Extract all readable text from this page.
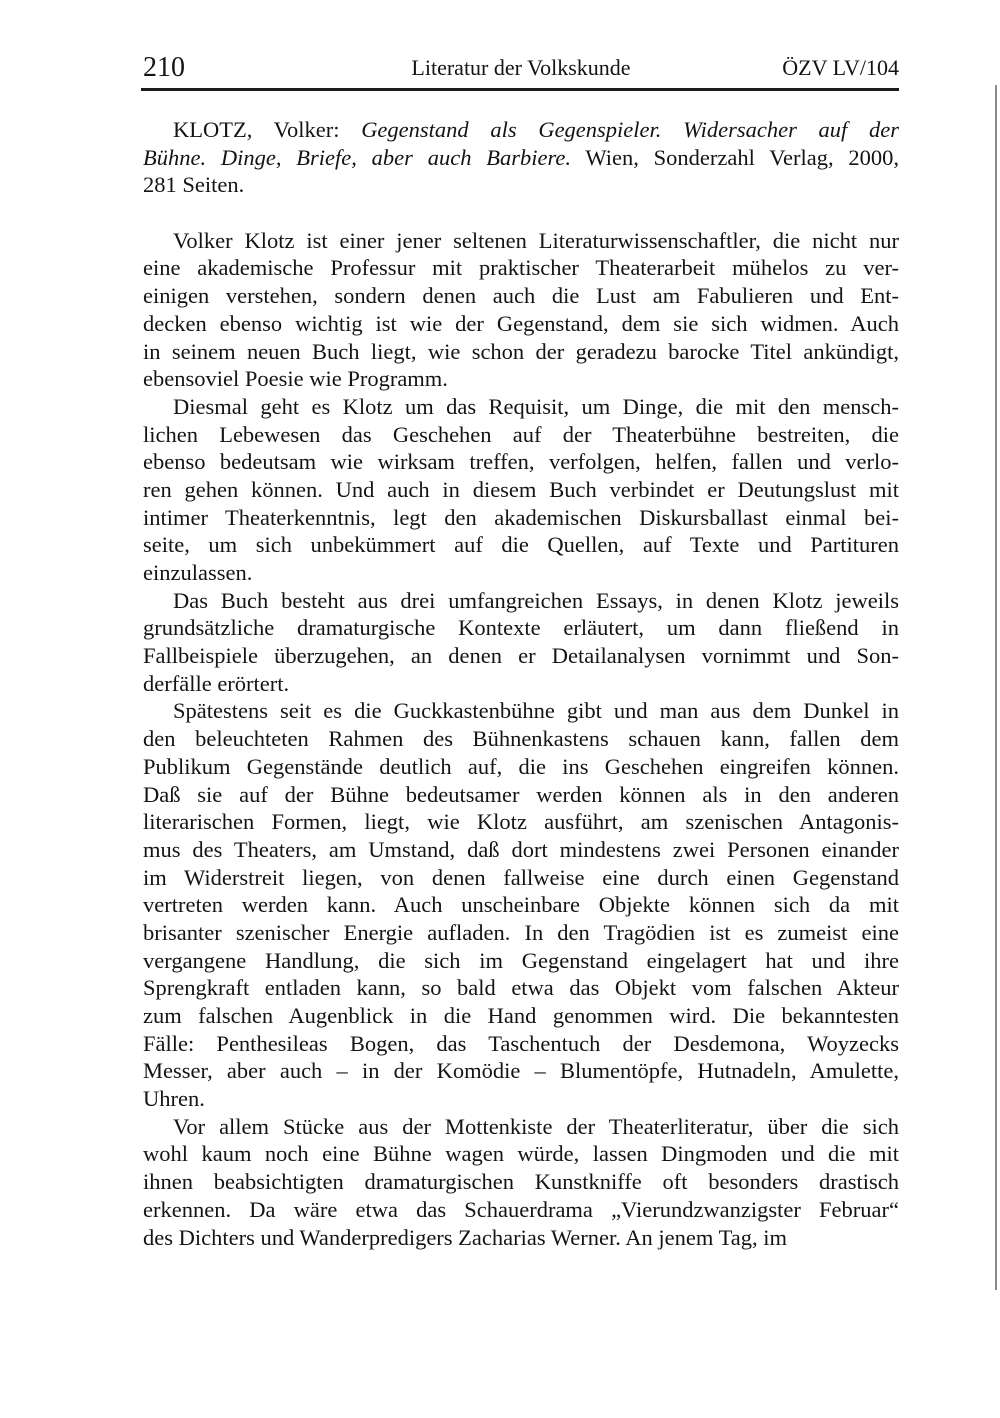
210	Literatur der Volkskunde	ÖZV LV/104
KLOTZ, Volker: Gegenstand als Gegenspieler. Widersacher auf der
Bühne. Dinge, Briefe, aber auch Barbiere. Wien, Sonderzahl Verlag, 2000,
281 Seiten.
Volker Klotz ist einer jener seltenen Literaturwissenschaftler, die nicht nur
eine akademische Professur mit praktischer Theaterarbeit mühelos zu ver-
einigen verstehen, sondern denen auch die Lust am Fabulieren und Ent-
decken ebenso wichtig ist wie der Gegenstand, dem sie sich widmen. Auch
in seinem neuen Buch liegt, wie schon der geradezu barocke Titel ankündigt,
ebensoviel Poesie wie Programm.
Diesmal geht es Klotz um das Requisit, um Dinge, die mit den mensch-
lichen Lebewesen das Geschehen auf der Theaterbühne bestreiten, die
ebenso bedeutsam wie wirksam treffen, verfolgen, helfen, fallen und verlo-
ren gehen können. Und auch in diesem Buch verbindet er Deutungslust mit
intimer Theaterkenntnis, legt den akademischen Diskursballast einmal bei-
seite, um sich unbekümmert auf die Quellen, auf Texte und Partituren
einzulassen.
Das Buch besteht aus drei umfangreichen Essays, in denen Klotz jeweils
grundsätzliche dramaturgische Kontexte erläutert, um dann fließend in
Fallbeispiele überzugehen, an denen er Detailanalysen vornimmt und Son-
derfälle erörtert.
Spätestens seit es die Guckkastenbühne gibt und man aus dem Dunkel in
den beleuchteten Rahmen des Bühnenkastens schauen kann, fallen dem
Publikum Gegenstände deutlich auf, die ins Geschehen eingreifen können.
Daß sie auf der Bühne bedeutsamer werden können als in den anderen
literarischen Formen, liegt, wie Klotz ausführt, am szenischen Antagonis-
mus des Theaters, am Umstand, daß dort mindestens zwei Personen einander
im Widerstreit liegen, von denen fallweise eine durch einen Gegenstand
vertreten werden kann. Auch unscheinbare Objekte können sich da mit
brisanter szenischer Energie aufladen. In den Tragödien ist es zumeist eine
vergangene Handlung, die sich im Gegenstand eingelagert hat und ihre
Sprengkraft entladen kann, so bald etwa das Objekt vom falschen Akteur
zum falschen Augenblick in die Hand genommen wird. Die bekanntesten
Fälle: Penthesileas Bogen, das Taschentuch der Desdemona, Woyzecks
Messer, aber auch – in der Komödie – Blumentöpfe, Hutnadeln, Amulette,
Uhren.
Vor allem Stücke aus der Mottenkiste der Theaterliteratur, über die sich
wohl kaum noch eine Bühne wagen würde, lassen Dingmoden und die mit
ihnen beabsichtigten dramaturgischen Kunstkniffe oft besonders drastisch
erkennen. Da wäre etwa das Schauerdrama „Vierundzwanzigster Februar“
des Dichters und Wanderpredigers Zacharias Werner. An jenem Tag, im
